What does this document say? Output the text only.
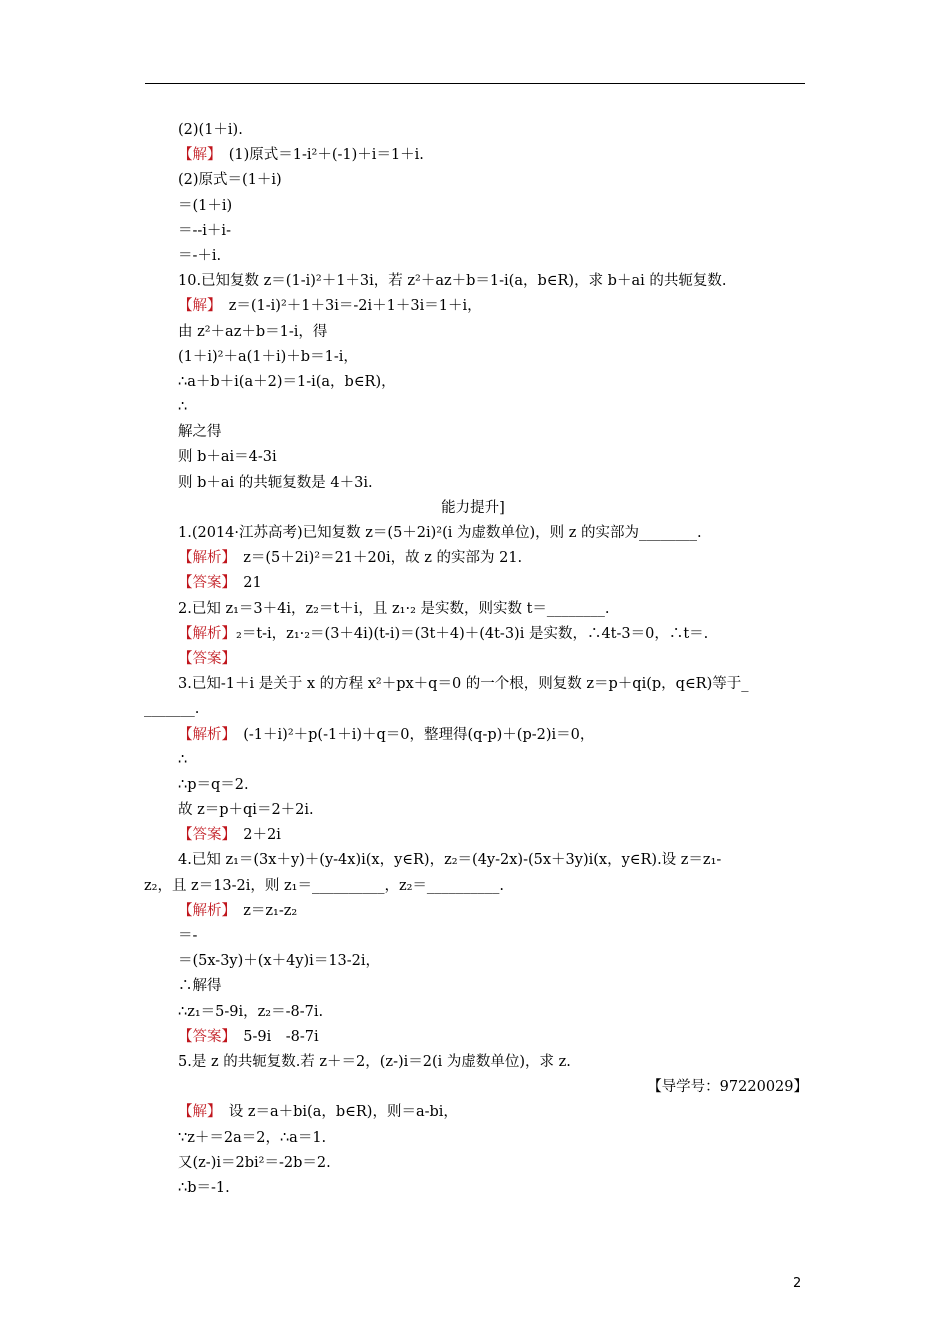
(2)(1＋i).
【解】　(1)原式＝1-i²＋(-1)＋i＝1＋i.
(2)原式＝(1＋i)
＝(1＋i)
＝--i＋i-
＝-＋i.
10.已知复数 z＝(1-i)²＋1＋3i，若 z²＋az＋b＝1-i(a，b∈R)，求 b＋ai 的共轭复数.
【解】　z＝(1-i)²＋1＋3i＝-2i＋1＋3i＝1＋i，
由 z²＋az＋b＝1-i，得
(1＋i)²＋a(1＋i)＋b＝1-i，
∴a＋b＋i(a＋2)＝1-i(a，b∈R)，
∴
解之得
则 b＋ai＝4-3i
则 b＋ai 的共轭复数是 4＋3i.
能力提升]
1.(2014·江苏高考)已知复数 z＝(5＋2i)²(i 为虚数单位)，则 z 的实部为________.
【解析】　z＝(5＋2i)²＝21＋20i，故 z 的实部为 21.
【答案】　21
2.已知 z₁＝3＋4i，z₂＝t＋i，且 z₁·₂ 是实数，则实数 t＝________.
【解析】₂＝t-i，z₁·₂＝(3＋4i)(t-i)＝(3t＋4)＋(4t-3)i 是实数，∴4t-3＝0，∴t＝.
【答案】
3.已知-1＋i 是关于 x 的方程 x²＋px＋q＝0 的一个根，则复数 z＝p＋qi(p，q∈R)等于_
_______.
【解析】　(-1＋i)²＋p(-1＋i)＋q＝0，整理得(q-p)＋(p-2)i＝0，
∴
∴p＝q＝2.
故 z＝p＋qi＝2＋2i.
【答案】　2＋2i
4.已知 z₁＝(3x＋y)＋(y-4x)i(x，y∈R)，z₂＝(4y-2x)-(5x＋3y)i(x，y∈R).设 z＝z₁-
z₂，且 z＝13-2i，则 z₁＝__________，z₂＝__________.
【解析】　z＝z₁-z₂
＝-
＝(5x-3y)＋(x＋4y)i＝13-2i，
∴解得
∴z₁＝5-9i，z₂＝-8-7i.
【答案】　5-9i　-8-7i
5.是 z 的共轭复数.若 z＋＝2，(z-)i＝2(i 为虚数单位)，求 z.
【导学号：97220029】
【解】　设 z＝a＋bi(a，b∈R)，则＝a-bi，
∵z＋＝2a＝2，∴a＝1.
又(z-)i＝2bi²＝-2b＝2.
∴b＝-1.
2
